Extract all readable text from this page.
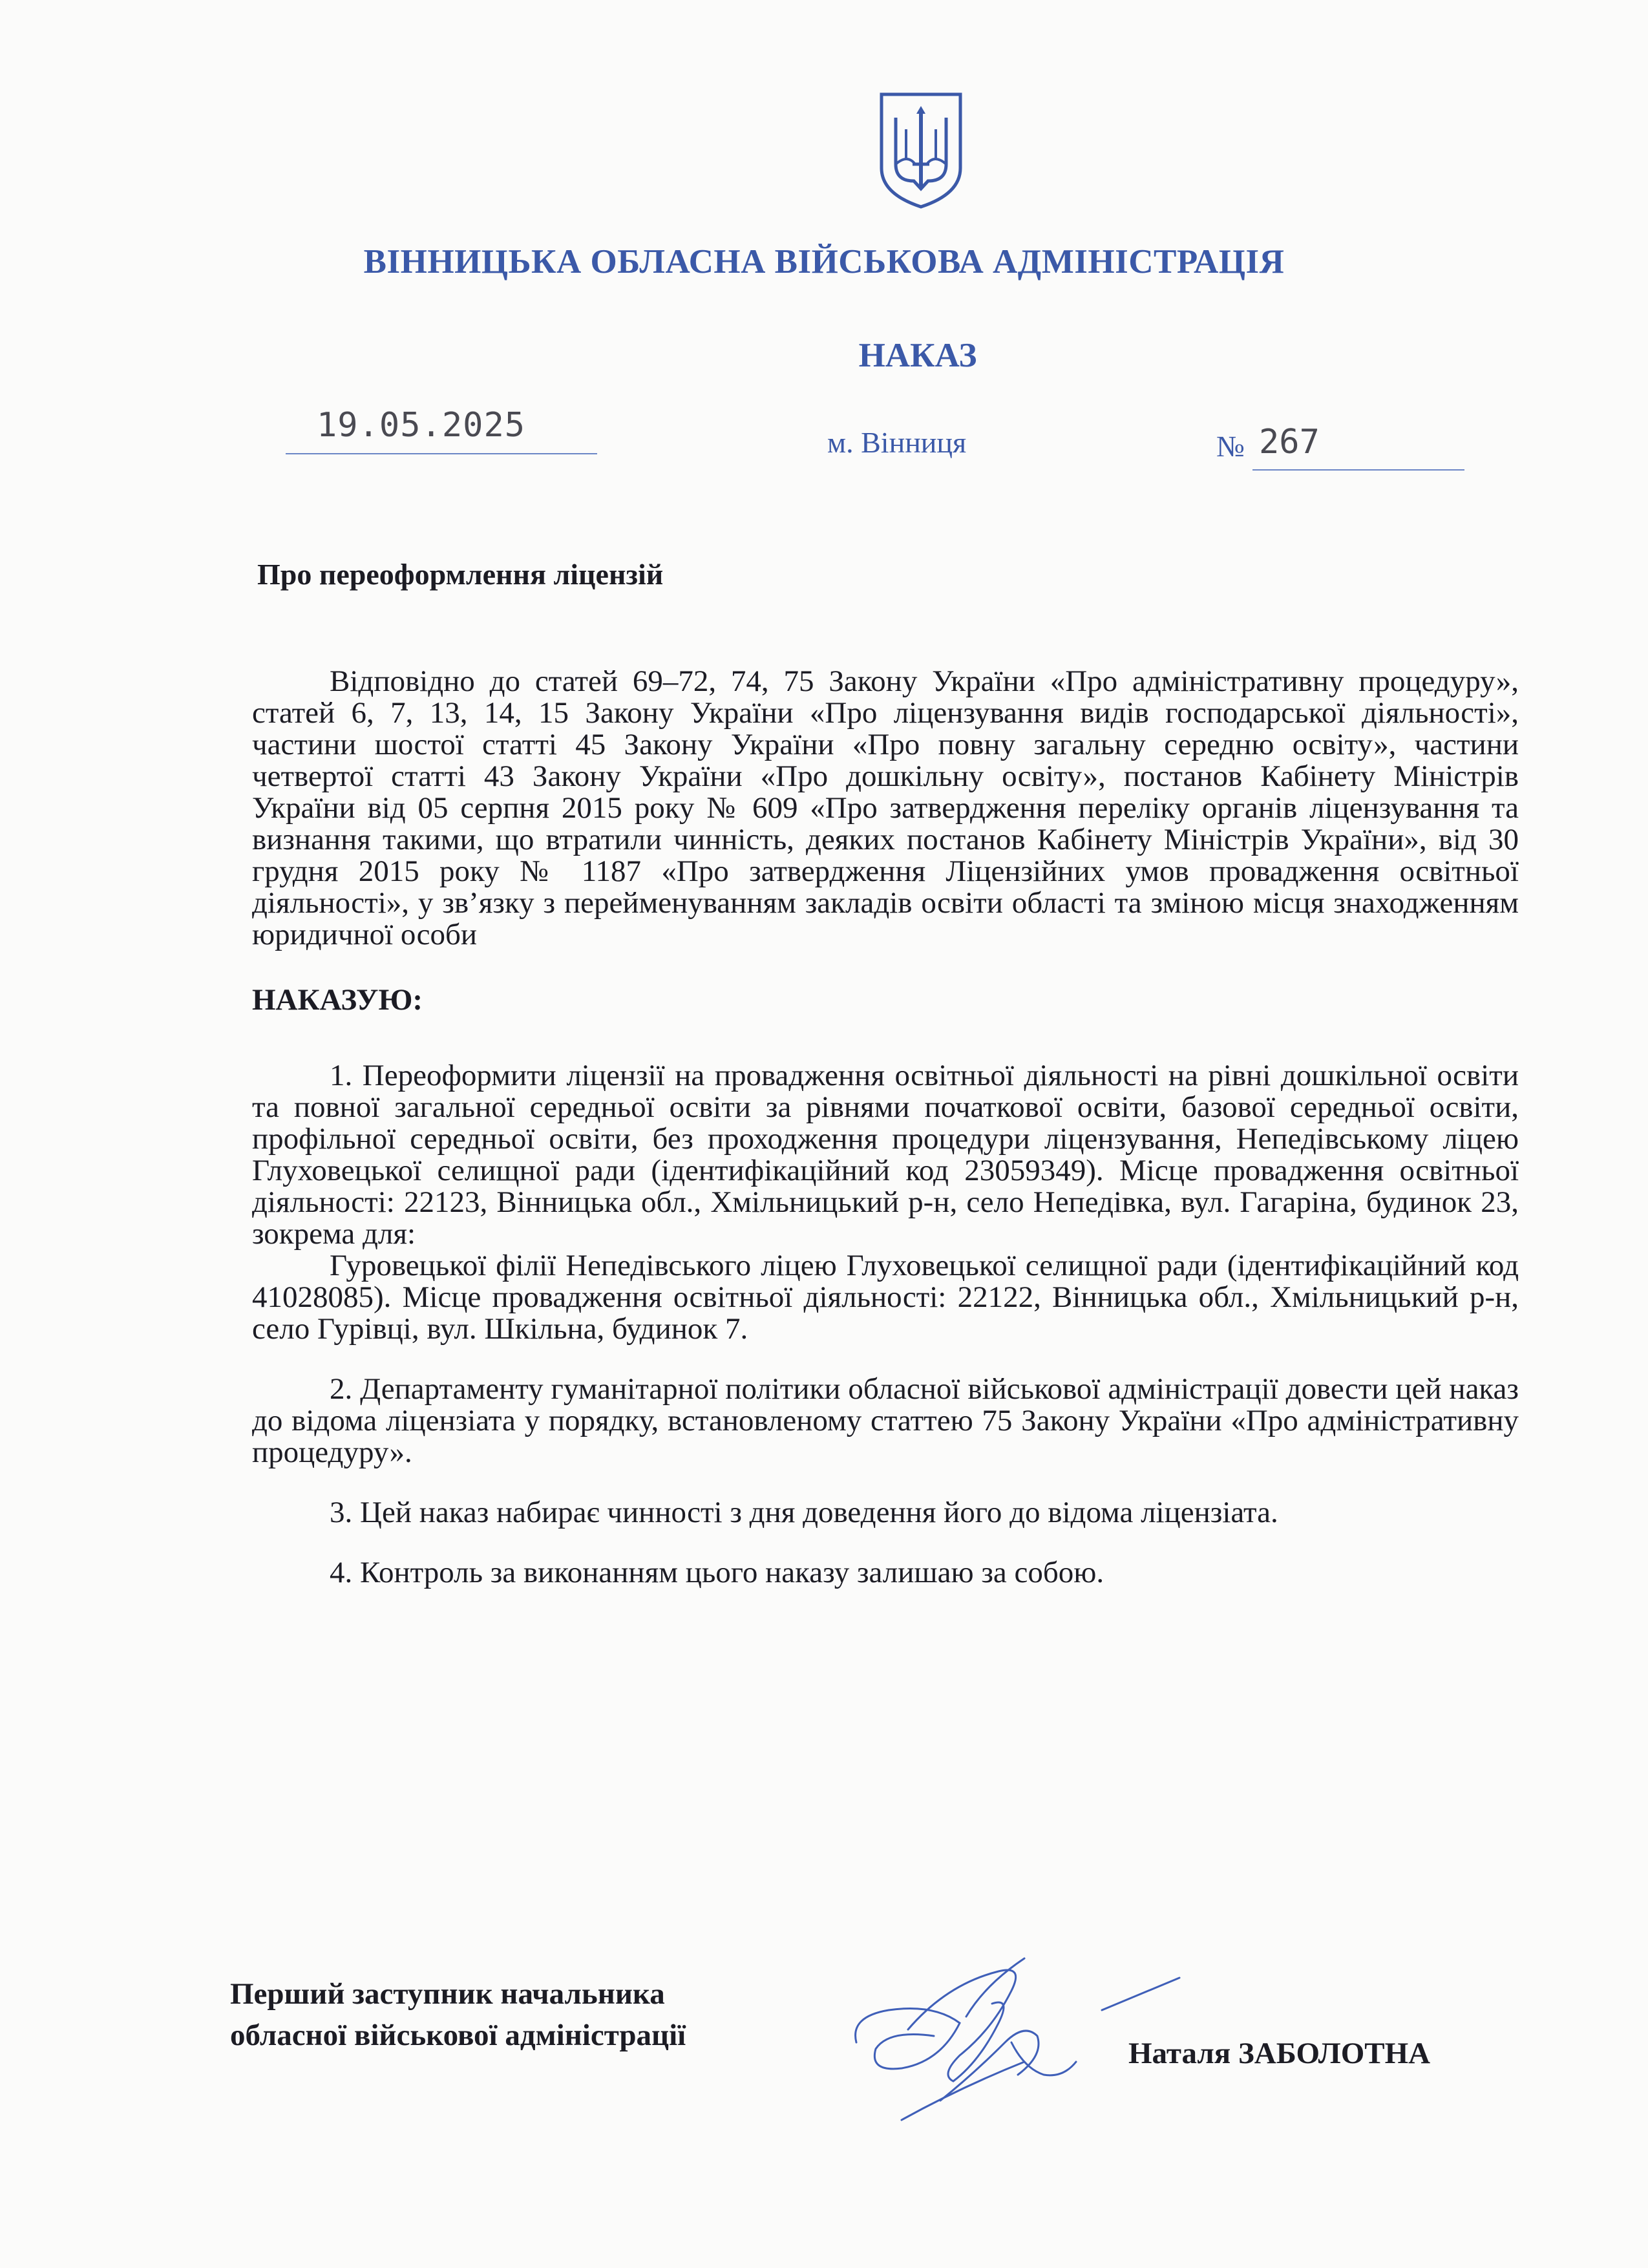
ВІННИЦЬКА ОБЛАСНА ВІЙСЬКОВА АДМІНІСТРАЦІЯ
НАКАЗ
19.05.2025	м. Вінниця	№ 267
Про переоформлення ліцензій

Відповідно до статей 69–72, 74, 75 Закону України «Про адміністративну процедуру», статей 6, 7, 13, 14, 15 Закону України «Про ліцензування видів господарської діяльності», частини шостої статті 45 Закону України «Про повну загальну середню освіту», частини четвертої статті 43 Закону України «Про дошкільну освіту», постанов Кабінету Міністрів України від 05 серпня 2015 року № 609 «Про затвердження переліку органів ліцензування та визнання такими, що втратили чинність, деяких постанов Кабінету Міністрів України», від 30 грудня 2015 року № 1187 «Про затвердження Ліцензійних умов провадження освітньої діяльності», у зв’язку з перейменуванням закладів освіти області та зміною місця знаходженням юридичної особи

НАКАЗУЮ:

1. Переоформити ліцензії на провадження освітньої діяльності на рівні дошкільної освіти та повної загальної середньої освіти за рівнями початкової освіти, базової середньої освіти, профільної середньої освіти, без проходження процедури ліцензування, Непедівському ліцею Глуховецької селищної ради (ідентифікаційний код 23059349). Місце провадження освітньої діяльності: 22123, Вінницька обл., Хмільницький р-н, село Непедівка, вул. Гагаріна, будинок 23, зокрема для:

Гуровецької філії Непедівського ліцею Глуховецької селищної ради (ідентифікаційний код 41028085). Місце провадження освітньої діяльності: 22122, Вінницька обл., Хмільницький р-н, село Гурівці, вул. Шкільна, будинок 7.

2. Департаменту гуманітарної політики обласної військової адміністрації довести цей наказ до відома ліцензіата у порядку, встановленому статтею 75 Закону України «Про адміністративну процедуру».

3. Цей наказ набирає чинності з дня доведення його до відома ліцензіата.

4. Контроль за виконанням цього наказу залишаю за собою.

Перший заступник начальника
обласної військової адміністрації
Наталя ЗАБОЛОТНА
